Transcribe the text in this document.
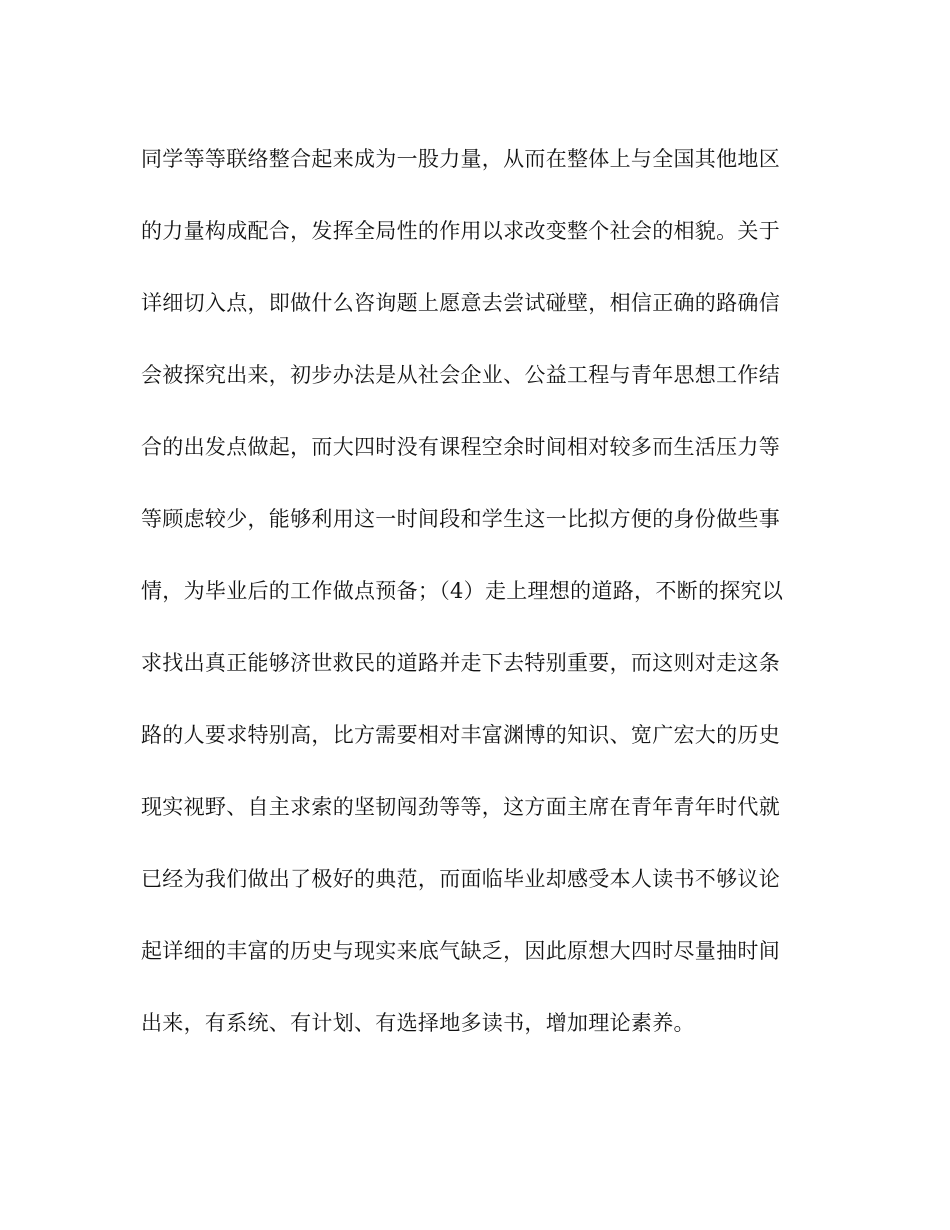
同学等等联络整合起来成为一股力量，从而在整体上与全国其他地区
的力量构成配合，发挥全局性的作用以求改变整个社会的相貌。关于
详细切入点，即做什么咨询题上愿意去尝试碰壁，相信正确的路确信
会被探究出来，初步办法是从社会企业、公益工程与青年思想工作结
合的出发点做起，而大四时没有课程空余时间相对较多而生活压力等
等顾虑较少，能够利用这一时间段和学生这一比拟方便的身份做些事
情，为毕业后的工作做点预备；（4）走上理想的道路，不断的探究以
求找出真正能够济世救民的道路并走下去特别重要，而这则对走这条
路的人要求特别高，比方需要相对丰富渊博的知识、宽广宏大的历史
现实视野、自主求索的坚韧闯劲等等，这方面主席在青年青年时代就
已经为我们做出了极好的典范，而面临毕业却感受本人读书不够议论
起详细的丰富的历史与现实来底气缺乏，因此原想大四时尽量抽时间
出来，有系统、有计划、有选择地多读书，增加理论素养。
